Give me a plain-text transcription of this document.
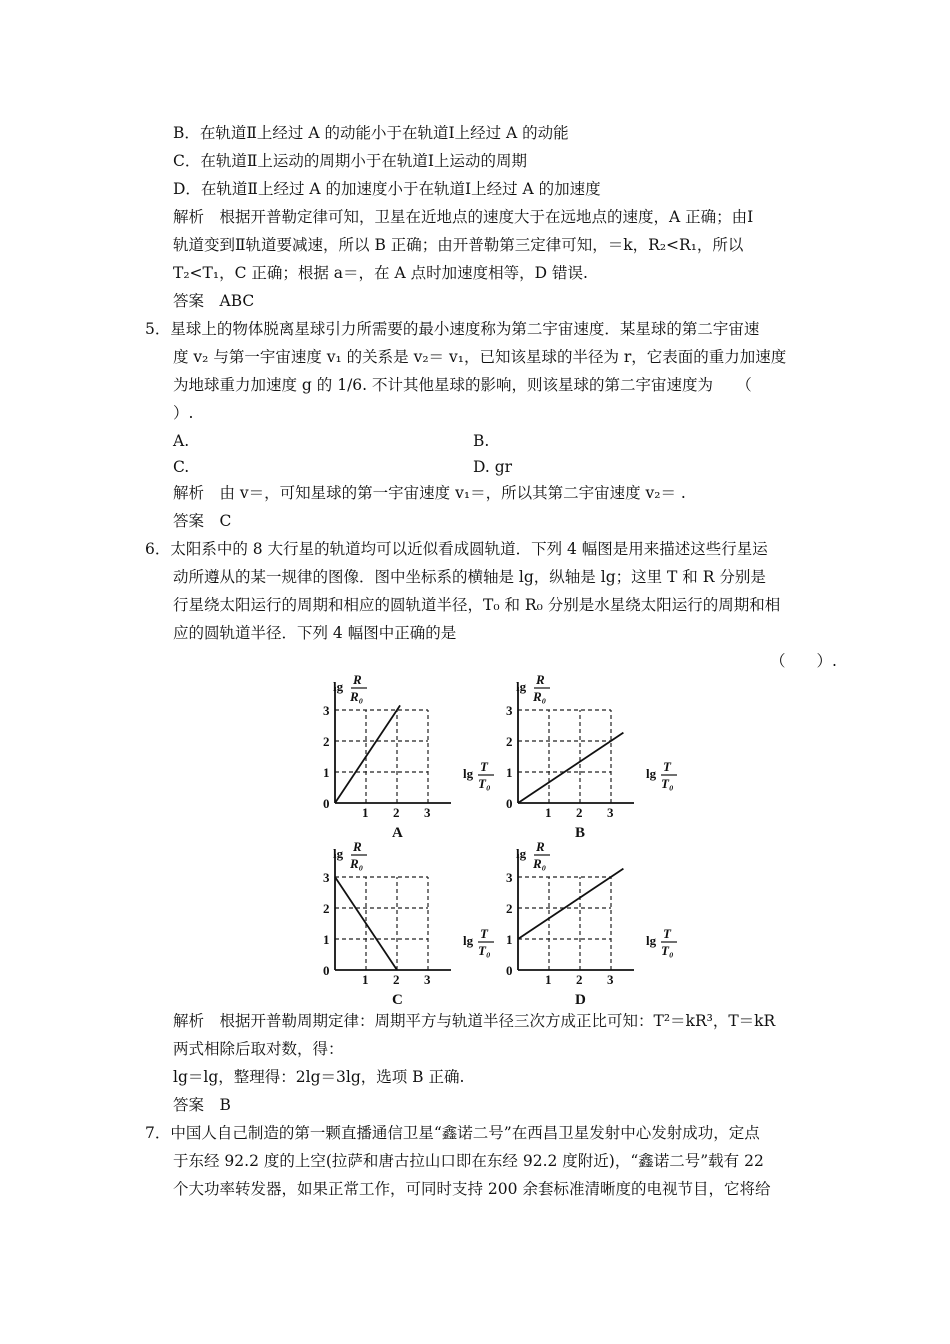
B．在轨道Ⅱ上经过 A 的动能小于在轨道Ⅰ上经过 A 的动能
C．在轨道Ⅱ上运动的周期小于在轨道Ⅰ上运动的周期
D．在轨道Ⅱ上经过 A 的加速度小于在轨道Ⅰ上经过 A 的加速度
解析　根据开普勒定律可知，卫星在近地点的速度大于在远地点的速度，A 正确；由Ⅰ
轨道变到Ⅱ轨道要减速，所以 B 正确；由开普勒第三定律可知，＝k，R₂<R₁，所以
T₂<T₁，C 正确；根据 a＝，在 A 点时加速度相等，D 错误.
答案　ABC
5．星球上的物体脱离星球引力所需要的最小速度称为第二宇宙速度．某星球的第二宇宙速
度 v₂ 与第一宇宙速度 v₁ 的关系是 v₂＝ v₁，已知该星球的半径为 r，它表面的重力加速度
为地球重力加速度 g 的 1/6. 不计其他星球的影响，则该星球的第二宇宙速度为　　（
）.
A.	B.
C.	D. gr
解析　由 v＝，可知星球的第一宇宙速度 v₁＝，所以其第二宇宙速度 v₂＝ .
答案　C
6．太阳系中的 8 大行星的轨道均可以近似看成圆轨道．下列 4 幅图是用来描述这些行星运
动所遵从的某一规律的图像．图中坐标系的横轴是 lg，纵轴是 lg；这里 T 和 R 分别是
行星绕太阳运行的周期和相应的圆轨道半径，T₀ 和 R₀ 分别是水星绕太阳运行的周期和相
应的圆轨道半径．下列 4 幅图中正确的是
（　　）.
解析　根据开普勒周期定律：周期平方与轨道半径三次方成正比可知：T²＝kR³，T＝kR
两式相除后取对数，得：
lg＝lg，整理得：2lg＝3lg，选项 B 正确.
答案　B
7．中国人自己制造的第一颗直播通信卫星“鑫诺二号”在西昌卫星发射中心发射成功，定点
于东经 92.2 度的上空(拉萨和唐古拉山口即在东经 92.2 度附近)，“鑫诺二号”载有 22
个大功率转发器，如果正常工作，可同时支持 200 余套标准清晰度的电视节目，它将给
1
1
2
2
3
3
0
lg R
R₀
lg T
T₀
A
1
1
2
2
3
3
0
lg R
R₀
lg T
T₀
B
1
1
2
2
3
3
0
lg R
R₀
lg T
T₀
C
1
1
2
2
3
3
0
lg R
R₀
lg T
T₀
D
